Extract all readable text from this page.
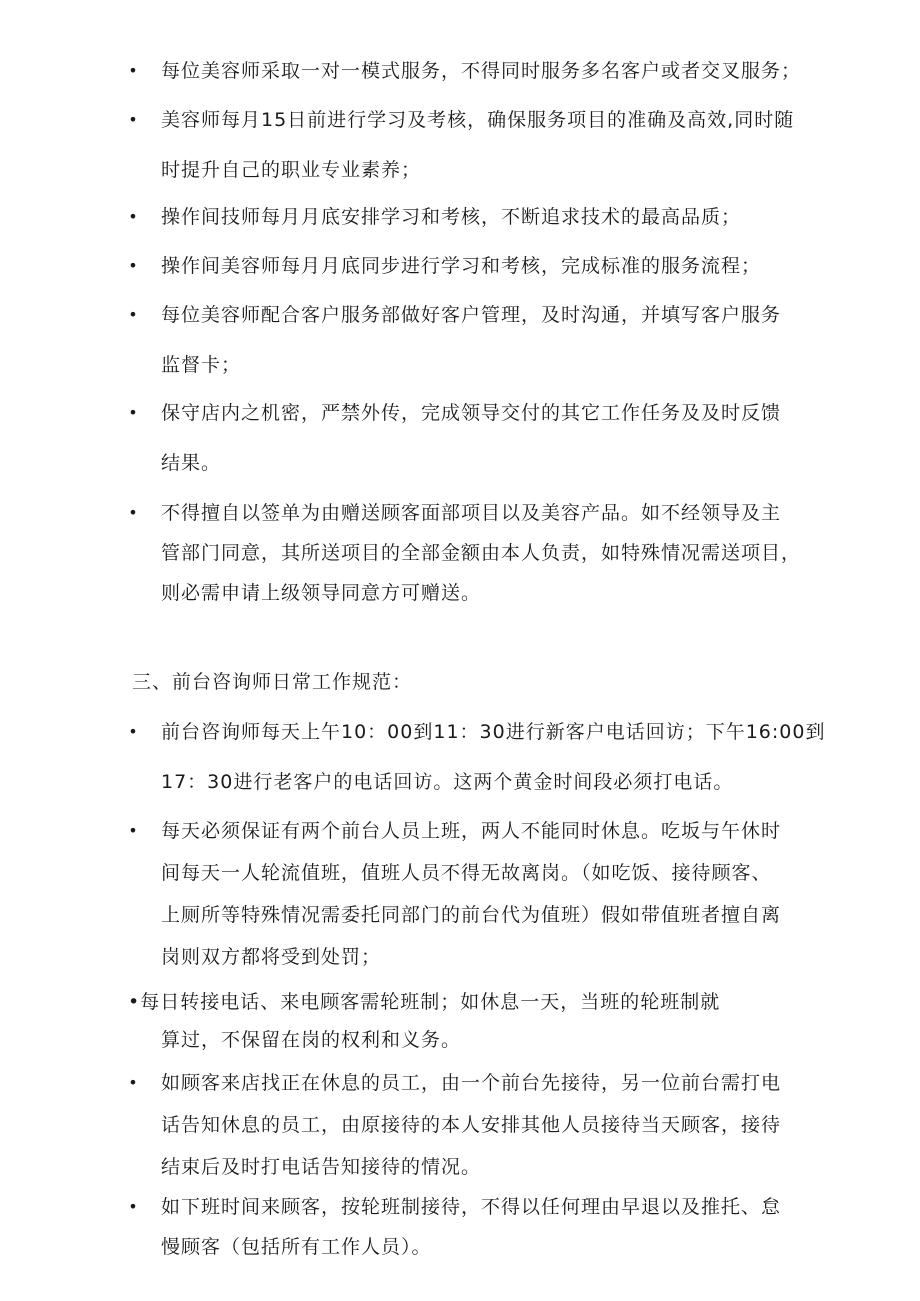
• 每位美容师采取一对一模式服务，不得同时服务多名客户或者交叉服务；
• 美容师每月15日前进行学习及考核，确保服务项目的准确及高效,同时随
时提升自己的职业专业素养；
• 操作间技师每月月底安排学习和考核，不断追求技术的最高品质；
• 操作间美容师每月月底同步进行学习和考核，完成标准的服务流程；
• 每位美容师配合客户服务部做好客户管理，及时沟通，并填写客户服务
监督卡；
• 保守店内之机密，严禁外传，完成领导交付的其它工作任务及及时反馈
结果。
• 不得擅自以签单为由赠送顾客面部项目以及美容产品。如不经领导及主
管部门同意，其所送项目的全部金额由本人负责，如特殊情况需送项目，
则必需申请上级领导同意方可赠送。
三、前台咨询师日常工作规范：
• 前台咨询师每天上午10：00到11：30进行新客户电话回访；下午16:00到
17：30进行老客户的电话回访。这两个黄金时间段必须打电话。
• 每天必须保证有两个前台人员上班，两人不能同时休息。吃坂与午休时
间每天一人轮流值班，值班人员不得无故离岗。（如吃饭、接待顾客、
上厕所等特殊情况需委托同部门的前台代为值班）假如带值班者擅自离
岗则双方都将受到处罚；
•每日转接电话、来电顾客需轮班制；如休息一天，当班的轮班制就
算过，不保留在岗的权利和义务。
• 如顾客来店找正在休息的员工，由一个前台先接待，另一位前台需打电
话告知休息的员工，由原接待的本人安排其他人员接待当天顾客，接待
结束后及时打电话告知接待的情况。
• 如下班时间来顾客，按轮班制接待，不得以任何理由早退以及推托、怠
慢顾客（包括所有工作人员）。
